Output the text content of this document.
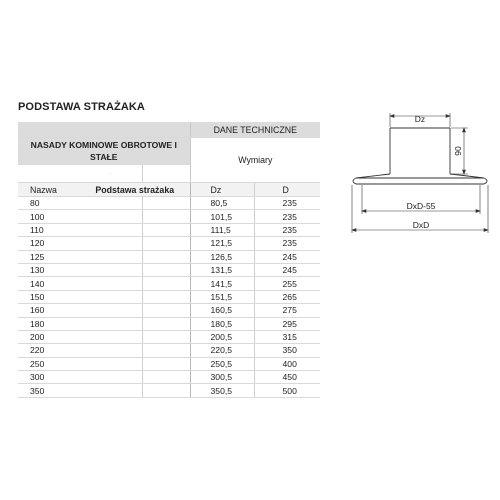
PODSTAWA STRAŻAKA
			DANE TECHNICZNE	
NASADY KOMINOWE OBROTOWE I STAŁE			Wymiary	
	·			
Nazwa	Podstawa strażaka		Dz	D
80			80,5	235
100			101,5	235
110			111,5	235
120			121,5	235
125			126,5	245
130			131,5	245
140			141,5	255
150			151,5	265
160			160,5	275
180			180,5	295
200			200,5	315
220			220,5	350
250			250,5	400
300			300,5	450
350			350,5	500
Dz
90
DxD-55
DxD
